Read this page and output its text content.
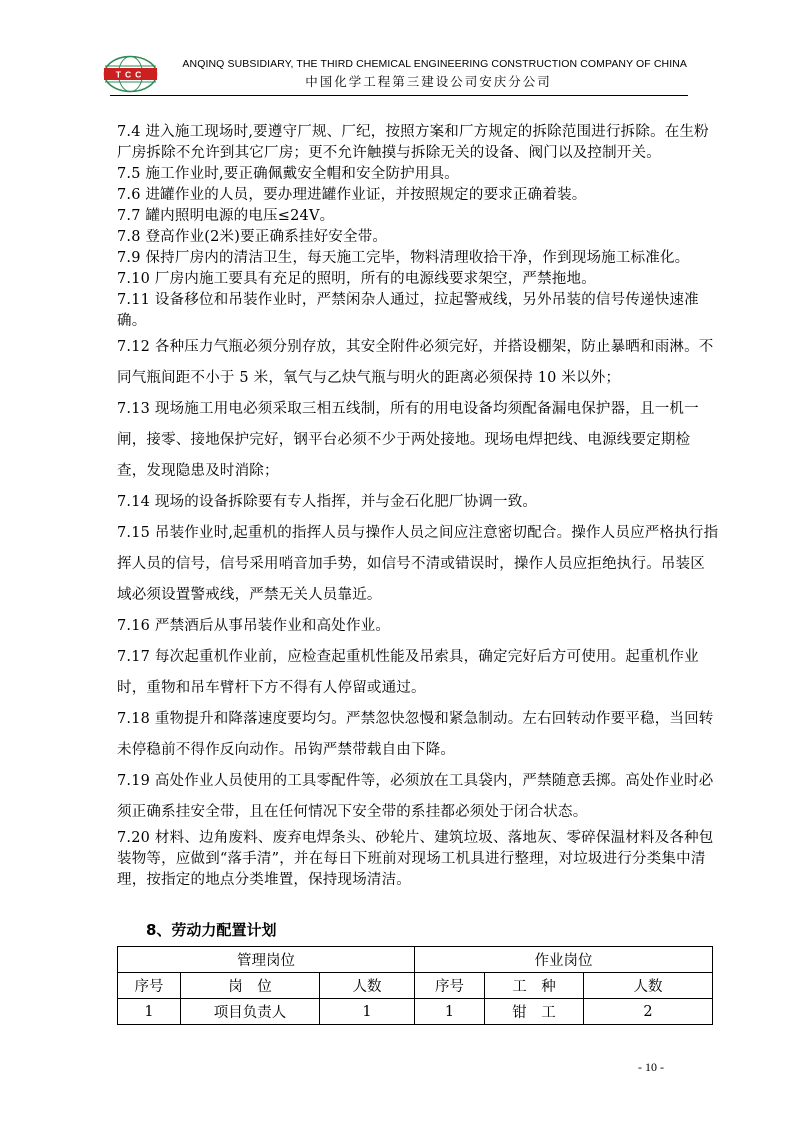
TCC
ANQINQ SUBSIDIARY, THE THIRD CHEMICAL ENGINEERING CONSTRUCTION COMPANY OF CHINA
中国化学工程第三建设公司安庆分公司

7.4 进入施工现场时,要遵守厂规、厂纪，按照方案和厂方规定的拆除范围进行拆除。在生粉厂房拆除不允许到其它厂房；更不允许触摸与拆除无关的设备、阀门以及控制开关。

7.5 施工作业时,要正确佩戴安全帽和安全防护用具。

7.6 进罐作业的人员，要办理进罐作业证，并按照规定的要求正确着装。

7.7 罐内照明电源的电压≤24V。

7.8 登高作业(2米)要正确系挂好安全带。

7.9 保持厂房内的清洁卫生，每天施工完毕，物料清理收拾干净，作到现场施工标准化。

7.10 厂房内施工要具有充足的照明，所有的电源线要求架空，严禁拖地。

7.11 设备移位和吊装作业时，严禁闲杂人通过，拉起警戒线，另外吊装的信号传递快速准确。

7.12 各种压力气瓶必须分别存放，其安全附件必须完好，并搭设棚架，防止暴晒和雨淋。不同气瓶间距不小于 5 米，氧气与乙炔气瓶与明火的距离必须保持 10 米以外；

7.13 现场施工用电必须采取三相五线制，所有的用电设备均须配备漏电保护器，且一机一闸，接零、接地保护完好，钢平台必须不少于两处接地。现场电焊把线、电源线要定期检查，发现隐患及时消除；

7.14 现场的设备拆除要有专人指挥，并与金石化肥厂协调一致。

7.15 吊装作业时,起重机的指挥人员与操作人员之间应注意密切配合。操作人员应严格执行指挥人员的信号，信号采用哨音加手势，如信号不清或错误时，操作人员应拒绝执行。吊装区域必须设置警戒线，严禁无关人员靠近。

7.16 严禁酒后从事吊装作业和高处作业。

7.17 每次起重机作业前，应检查起重机性能及吊索具，确定完好后方可使用。起重机作业时，重物和吊车臂杆下方不得有人停留或通过。

7.18 重物提升和降落速度要均匀。严禁忽快忽慢和紧急制动。左右回转动作要平稳，当回转未停稳前不得作反向动作。吊钩严禁带载自由下降。

7.19 高处作业人员使用的工具零配件等，必须放在工具袋内，严禁随意丢掷。高处作业时必须正确系挂安全带，且在任何情况下安全带的系挂都必须处于闭合状态。

7.20 材料、边角废料、废弃电焊条头、砂轮片、建筑垃圾、落地灰、零碎保温材料及各种包装物等，应做到“落手清”，并在每日下班前对现场工机具进行整理，对垃圾进行分类集中清理，按指定的地点分类堆置，保持现场清洁。

8、劳动力配置计划
管理岗位			作业岗位		
序号	岗　位	人数	序号	工　种	人数
1	项目负责人	1	1	钳　工	2
- 10 -
